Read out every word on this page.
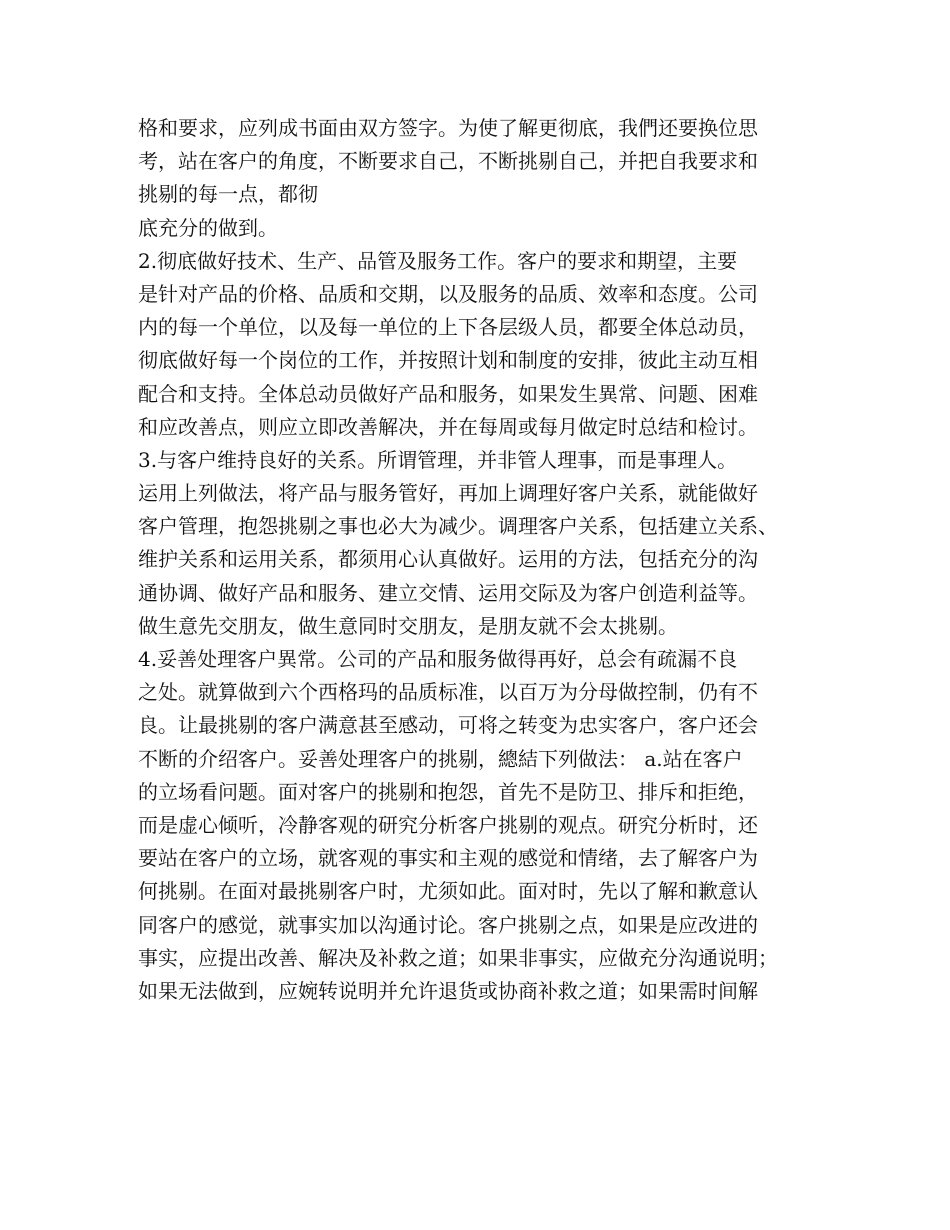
格和要求，应列成书面由双方签字。为使了解更彻底，我們还要换位思
考，站在客户的角度，不断要求自己，不断挑剔自己，并把自我要求和
挑剔的每一点，都彻
底充分的做到。
2.彻底做好技术、生产、品管及服务工作。客户的要求和期望，主要
是针对产品的价格、品质和交期，以及服务的品质、效率和态度。公司
内的每一个单位，以及每一单位的上下各层级人员，都要全体总动员，
彻底做好每一个岗位的工作，并按照计划和制度的安排，彼此主动互相
配合和支持。全体总动员做好产品和服务，如果发生異常、问题、困难
和应改善点，则应立即改善解决，并在每周或每月做定时总结和检讨。
3.与客户维持良好的关系。所谓管理，并非管人理事，而是事理人。
运用上列做法，将产品与服务管好，再加上调理好客户关系，就能做好
客户管理，抱怨挑剔之事也必大为减少。调理客户关系，包括建立关系、
维护关系和运用关系，都须用心认真做好。运用的方法，包括充分的沟
通协调、做好产品和服务、建立交情、运用交际及为客户创造利益等。
做生意先交朋友，做生意同时交朋友，是朋友就不会太挑剔。
4.妥善处理客户異常。公司的产品和服务做得再好，总会有疏漏不良
之处。就算做到六个西格玛的品质标准，以百万为分母做控制，仍有不
良。让最挑剔的客户满意甚至感动，可将之转变为忠实客户，客户还会
不断的介绍客户。妥善处理客户的挑剔，總結下列做法： a.站在客户
的立场看问题。面对客户的挑剔和抱怨，首先不是防卫、排斥和拒绝，
而是虚心倾听，冷静客观的研究分析客户挑剔的观点。研究分析时，还
要站在客户的立场，就客观的事实和主观的感觉和情绪，去了解客户为
何挑剔。在面对最挑剔客户时，尤须如此。面对时，先以了解和歉意认
同客户的感觉，就事实加以沟通讨论。客户挑剔之点，如果是应改进的
事实，应提出改善、解决及补救之道；如果非事实，应做充分沟通说明；
如果无法做到，应婉转说明并允许退货或协商补救之道；如果需时间解
